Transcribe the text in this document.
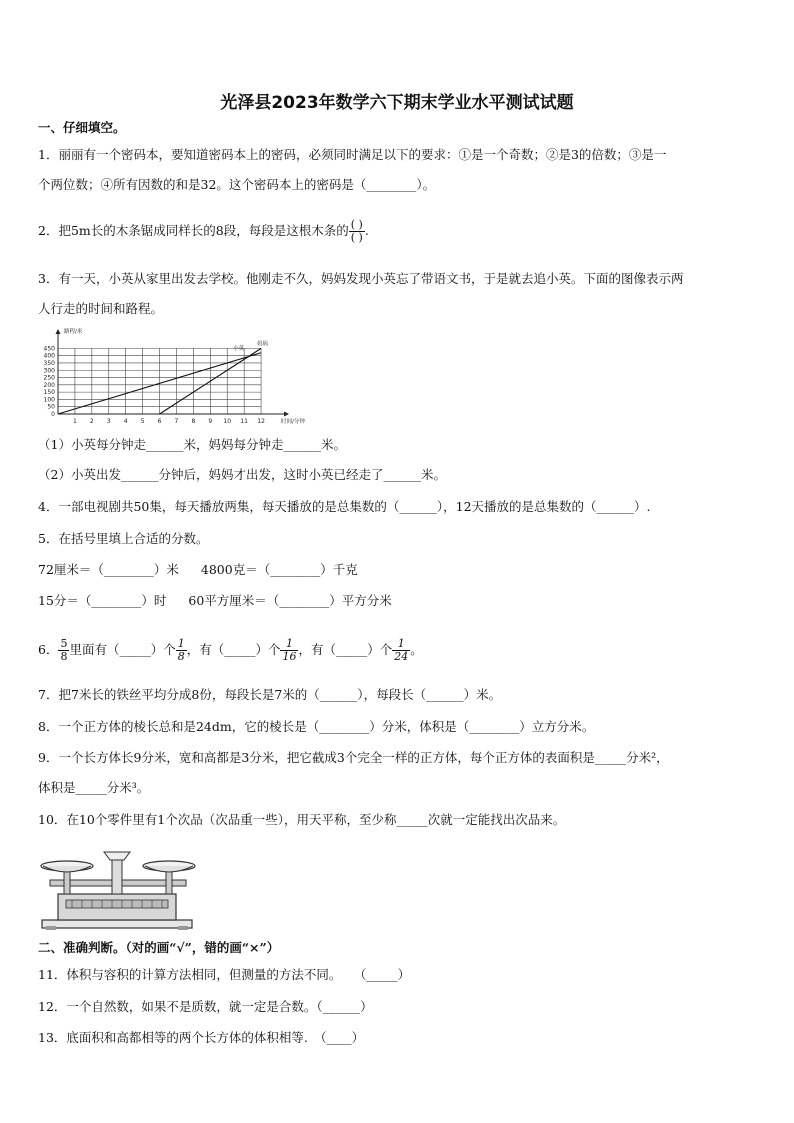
光泽县2023年数学六下期末学业水平测试试题
一、仔细填空。
1．丽丽有一个密码本，要知道密码本上的密码，必须同时满足以下的要求：①是一个奇数；②是3的倍数；③是一
个两位数；④所有因数的和是32。这个密码本上的密码是（________）。
2．把5m长的木条锯成同样长的8段，每段是这根木条的 $\frac{( )}{( )}$ .
3．有一天，小英从家里出发去学校。他刚走不久，妈妈发现小英忘了带语文书，于是就去追小英。下面的图像表示两
人行走的时间和路程。
1 2 3 4 5 6 7 8 9 10 11 12
0
50
100
150
200
250
300
350
400
450
路程/米
时间/分钟
小英
妈妈
（1）小英每分钟走______米，妈妈每分钟走______米。
（2）小英出发______分钟后，妈妈才出发，这时小英已经走了______米。
4．一部电视剧共50集，每天播放两集，每天播放的是总集数的（______），12天播放的是总集数的（______）.
5．在括号里填上合适的分数。
72厘米＝（________）米 4800克＝（________）千克
15分＝（________）时 60平方厘米＝（________）平方分米
6． $\frac{5}{8}$ 里面有（_____）个 $\frac{1}{8}$ ，有（_____）个 $\frac{1}{16}$ ，有（_____）个 $\frac{1}{24}$ 。
7．把7米长的铁丝平均分成8份，每段长是7米的（______），每段长（______）米。
8．一个正方体的棱长总和是24dm，它的棱长是（________）分米，体积是（________）立方分米。
9．一个长方体长9分米，宽和高都是3分米，把它截成3个完全一样的正方体，每个正方体的表面积是_____分米²，
体积是_____分米³。
10．在10个零件里有1个次品（次品重一些），用天平称，至少称_____次就一定能找出次品来。
二、准确判断。（对的画“√”，错的画“×”）
11．体积与容积的计算方法相同，但测量的方法不同。　　（_____）
12．一个自然数，如果不是质数，就一定是合数。（______）
13．底面积和高都相等的两个长方体的体积相等.　（____）
